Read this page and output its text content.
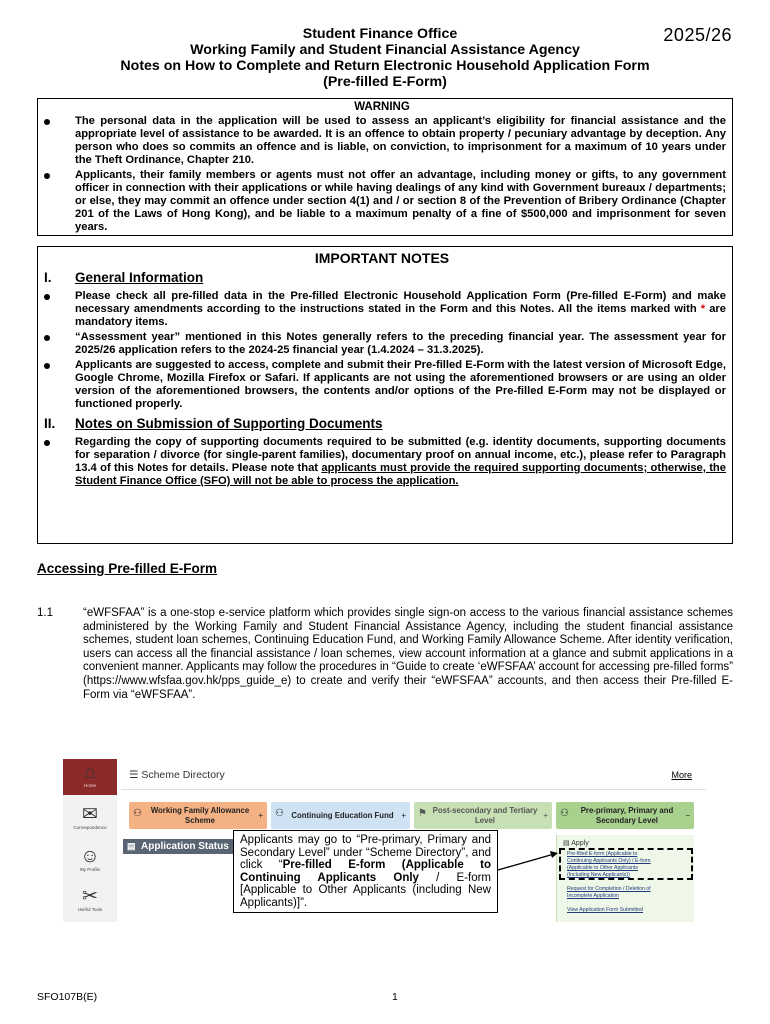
Student Finance Office
Working Family and Student Financial Assistance Agency
Notes on How to Complete and Return Electronic Household Application Form
(Pre-filled E-Form)
2025/26
WARNING
The personal data in the application will be used to assess an applicant’s eligibility for financial assistance and the appropriate level of assistance to be awarded. It is an offence to obtain property / pecuniary advantage by deception. Any person who does so commits an offence and is liable, on conviction, to imprisonment for a maximum of 10 years under the Theft Ordinance, Chapter 210.
Applicants, their family members or agents must not offer an advantage, including money or gifts, to any government officer in connection with their applications or while having dealings of any kind with Government bureaux / departments; or else, they may commit an offence under section 4(1) and / or section 8 of the Prevention of Bribery Ordinance (Chapter 201 of the Laws of Hong Kong), and be liable to a maximum penalty of a fine of $500,000 and imprisonment for seven years.
IMPORTANT NOTES
I. General Information
Please check all pre-filled data in the Pre-filled Electronic Household Application Form (Pre-filled E-Form) and make necessary amendments according to the instructions stated in the Form and this Notes. All the items marked with * are mandatory items.
“Assessment year” mentioned in this Notes generally refers to the preceding financial year. The assessment year for 2025/26 application refers to the 2024-25 financial year (1.4.2024 – 31.3.2025).
Applicants are suggested to access, complete and submit their Pre-filled E-Form with the latest version of Microsoft Edge, Google Chrome, Mozilla Firefox or Safari. If applicants are not using the aforementioned browsers or are using an older version of the aforementioned browsers, the contents and/or options of the Pre-filled E-Form may not be displayed or functioned properly.
II. Notes on Submission of Supporting Documents
Regarding the copy of supporting documents required to be submitted (e.g. identity documents, supporting documents for separation / divorce (for single-parent families), documentary proof on annual income, etc.), please refer to Paragraph 13.4 of this Notes for details. Please note that applicants must provide the required supporting documents; otherwise, the Student Finance Office (SFO) will not be able to process the application.
Accessing Pre-filled E-Form
1.1	“eWFSFAA” is a one-stop e-service platform which provides single sign-on access to the various financial assistance schemes administered by the Working Family and Student Financial Assistance Agency, including the student financial assistance schemes, student loan schemes, Continuing Education Fund, and Working Family Allowance Scheme. After identity verification, users can access all the financial assistance / loan schemes, view account information at a glance and submit applications in a convenient manner. Applicants may follow the procedures in “Guide to create ‘eWFSFAA’ account for accessing pre-filled forms” (https://www.wfsfaa.gov.hk/pps_guide_e) to create and verify their “eWFSFAA” accounts, and then access their Pre-filled E-Form via “eWFSFAA”.
⌂
Home
✉
Correspondence
☺
My Profile
✂
Useful Tools
☰ Scheme Directory	More
⚇	Working Family Allowance Scheme
+ ⚇ Continuing Education Fund + ⚑ Post-secondary and Tertiary Level
+ ⚇	Pre-primary, Primary and Secondary Level
−
▤ Application Status	▤ Apply
Pre-filled E-form (Applicable to
Continuing Applicants Only) / E-form
(Applicable to Other Applicants
(Including New Applicants))
Request for Completion / Deletion of
Incomplete Application
View Application Form Submitted
Applicants may go to “Pre-primary, Primary and Secondary Level” under “Scheme Directory”, and click “Pre-filled E-form (Applicable to Continuing Applicants Only / E-form [Applicable to Other Applicants (including New Applicants)]”.
SFO107B(E)	1
